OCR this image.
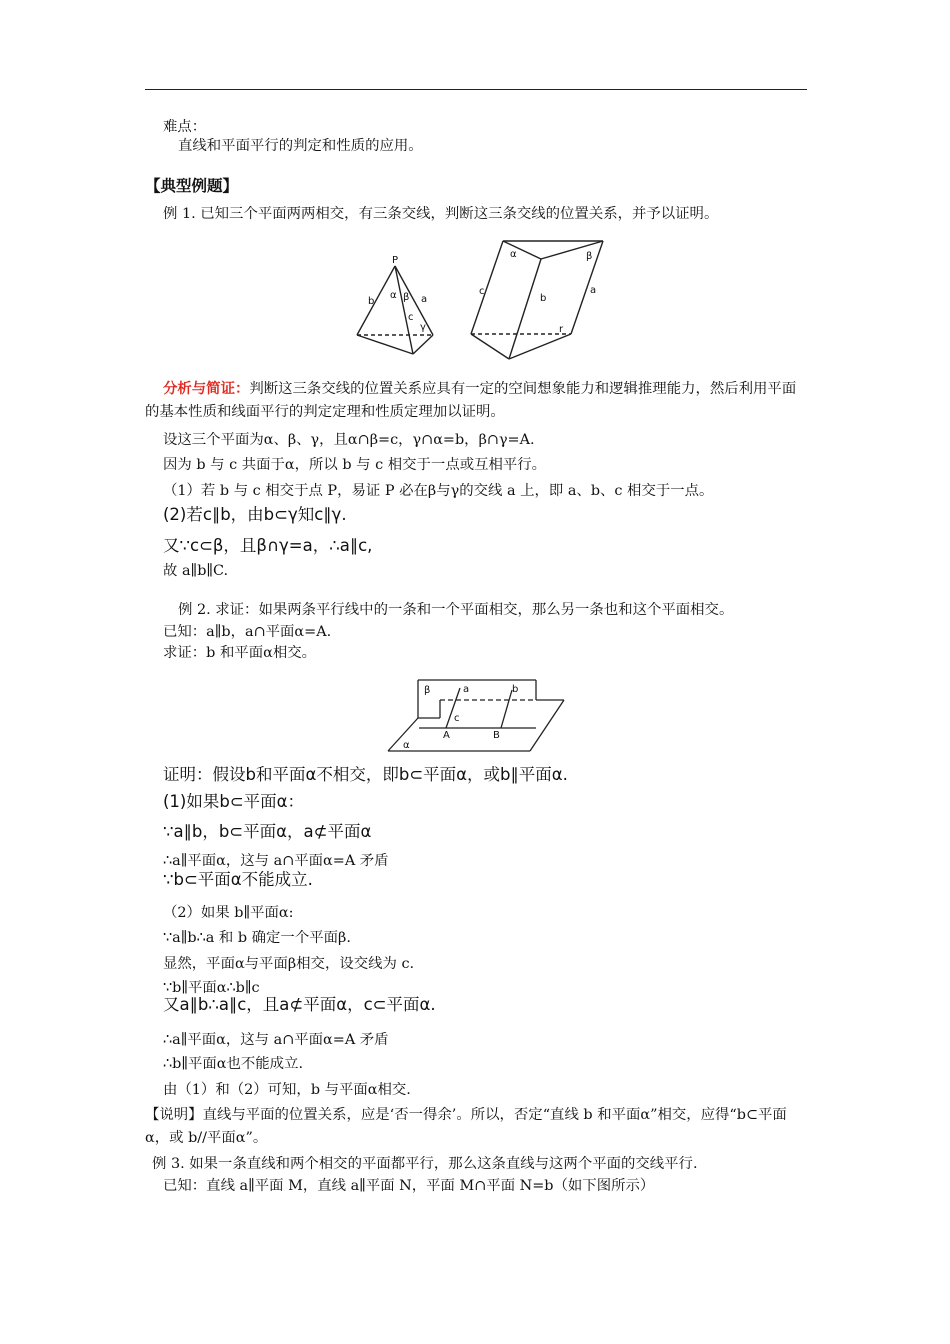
难点：
直线和平面平行的判定和性质的应用。
【典型例题】
例 1. 已知三个平面两两相交，有三条交线，判断这三条交线的位置关系，并予以证明。
P
α β
b	a
c
γ
α	β
c
b
a
r
分析与简证：判断这三条交线的位置关系应具有一定的空间想象能力和逻辑推理能力，然后利用平面的基本性质和线面平行的判定定理和性质定理加以证明。
设这三个平面为α、β、γ，且α∩β=c，γ∩α=b，β∩γ=A.
因为 b 与 c 共面于α，所以 b 与 c 相交于一点或互相平行。
（1）若 b 与 c 相交于点 P，易证 P 必在β与γ的交线 a 上，即 a、b、c 相交于一点。
(2)若c∥b，由b⊂γ知c∥γ.
又∵c⊂β，且β∩γ=a，∴a∥c,
故 a∥b∥C.
例 2. 求证：如果两条平行线中的一条和一个平面相交，那么另一条也和这个平面相交。
已知：a∥b，a∩平面α=A.
求证：b 和平面α相交。
β	a	b
c
A	B
α
证明：假设b和平面α不相交，即b⊂平面α，或b∥平面α.
(1)如果b⊂平面α：
∵a∥b，b⊂平面α，a⊄平面α
∴a∥平面α，这与 a∩平面α=A 矛盾
∵b⊂平面α不能成立.
（2）如果 b∥平面α:
∵a∥b∴a 和 b 确定一个平面β.
显然，平面α与平面β相交，设交线为 c.
∵b∥平面α∴b∥c
又a∥b∴a∥c，且a⊄平面α，c⊂平面α.
∴a∥平面α，这与 a∩平面α=A 矛盾
∴b∥平面α也不能成立.
由（1）和（2）可知，b 与平面α相交.
【说明】直线与平面的位置关系，应是‘否一得余’。所以，否定“直线 b 和平面α”相交，应得“b⊂平面α，或 b//平面α”。
例 3. 如果一条直线和两个相交的平面都平行，那么这条直线与这两个平面的交线平行.
已知：直线 a∥平面 M，直线 a∥平面 N，平面 M∩平面 N=b（如下图所示）
